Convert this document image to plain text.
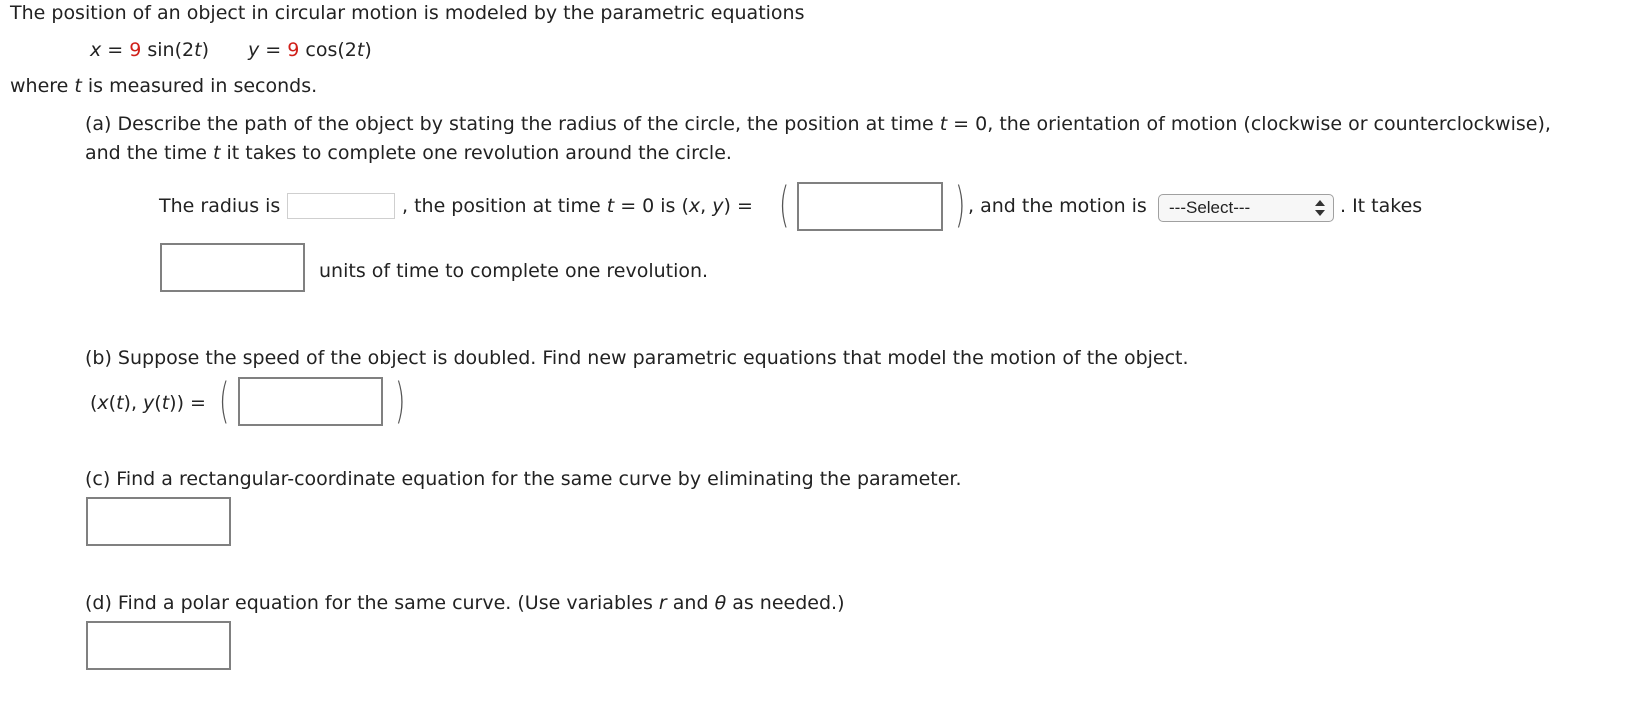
The position of an object in circular motion is modeled by the parametric equations
x = 9 sin(2t) y = 9 cos(2t)
where t is measured in seconds.
(a) Describe the path of the object by stating the radius of the circle, the position at time t = 0, the orientation of motion (clockwise or counterclockwise),
and the time t it takes to complete one revolution around the circle.
The radius is	, the position at time t = 0 is (x, y) = (	) , and the motion is	---Select---	. It takes
units of time to complete one revolution.
(b) Suppose the speed of the object is doubled. Find new parametric equations that model the motion of the object.
(x(t), y(t)) = (	)
(c) Find a rectangular-coordinate equation for the same curve by eliminating the parameter.
(d) Find a polar equation for the same curve. (Use variables r and θ as needed.)
